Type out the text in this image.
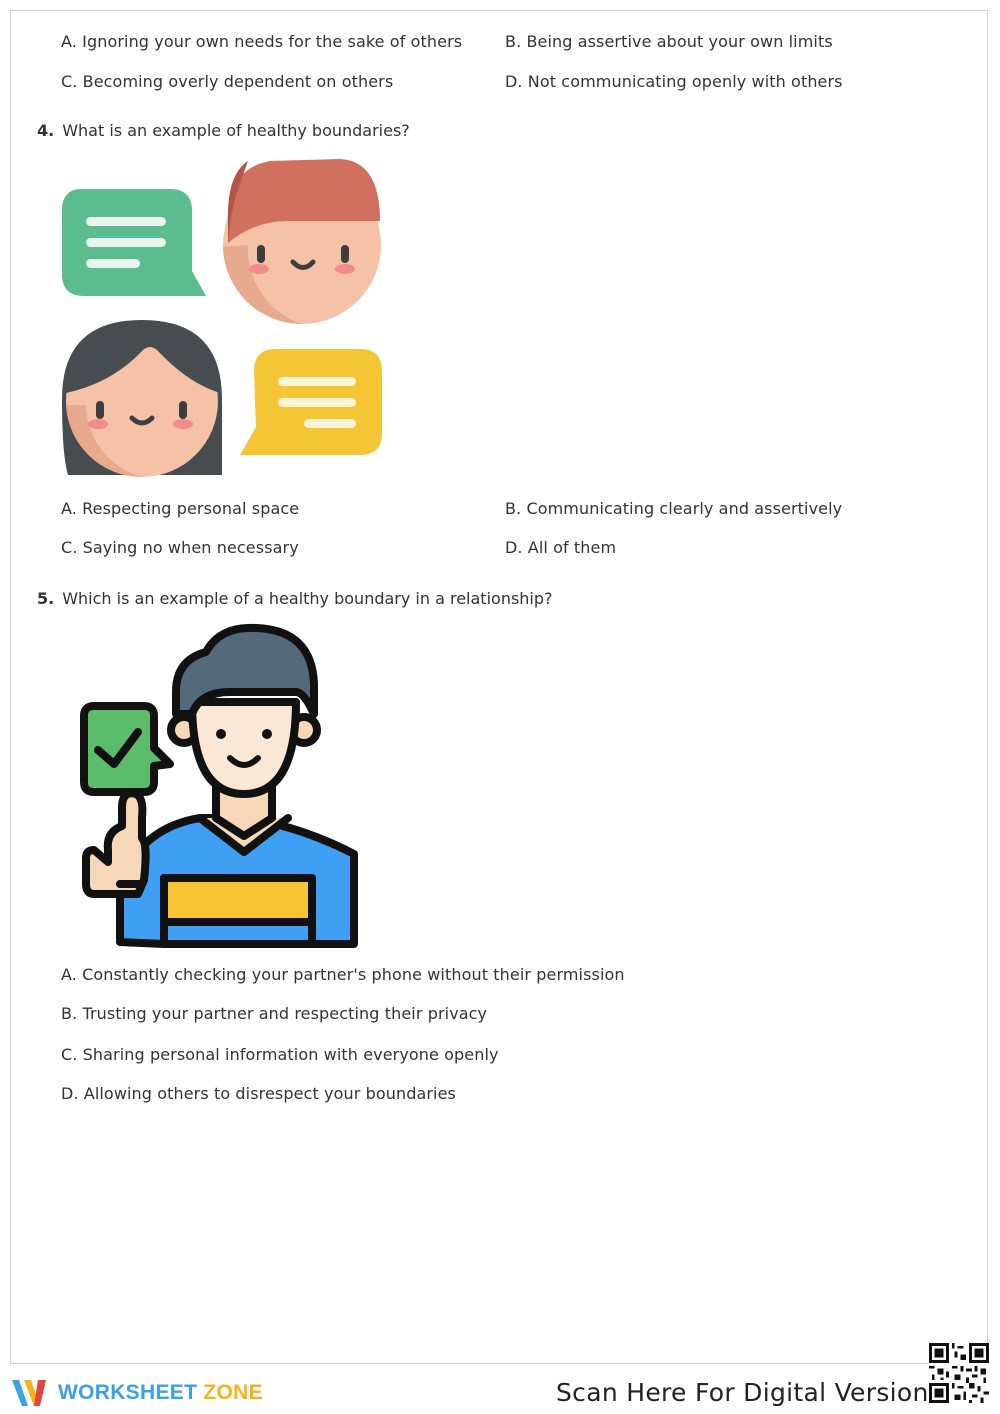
A. Ignoring your own needs for the sake of others	B. Being assertive about your own limits
C. Becoming overly dependent on others	D. Not communicating openly with others
4. What is an example of healthy boundaries?
A. Respecting personal space	B. Communicating clearly and assertively
C. Saying no when necessary	D. All of them
5. Which is an example of a healthy boundary in a relationship?
A. Constantly checking your partner's phone without their permission
B. Trusting your partner and respecting their privacy
C. Sharing personal information with everyone openly
D. Allowing others to disrespect your boundaries
WORKSHEET ZONE	Scan Here For Digital Version
